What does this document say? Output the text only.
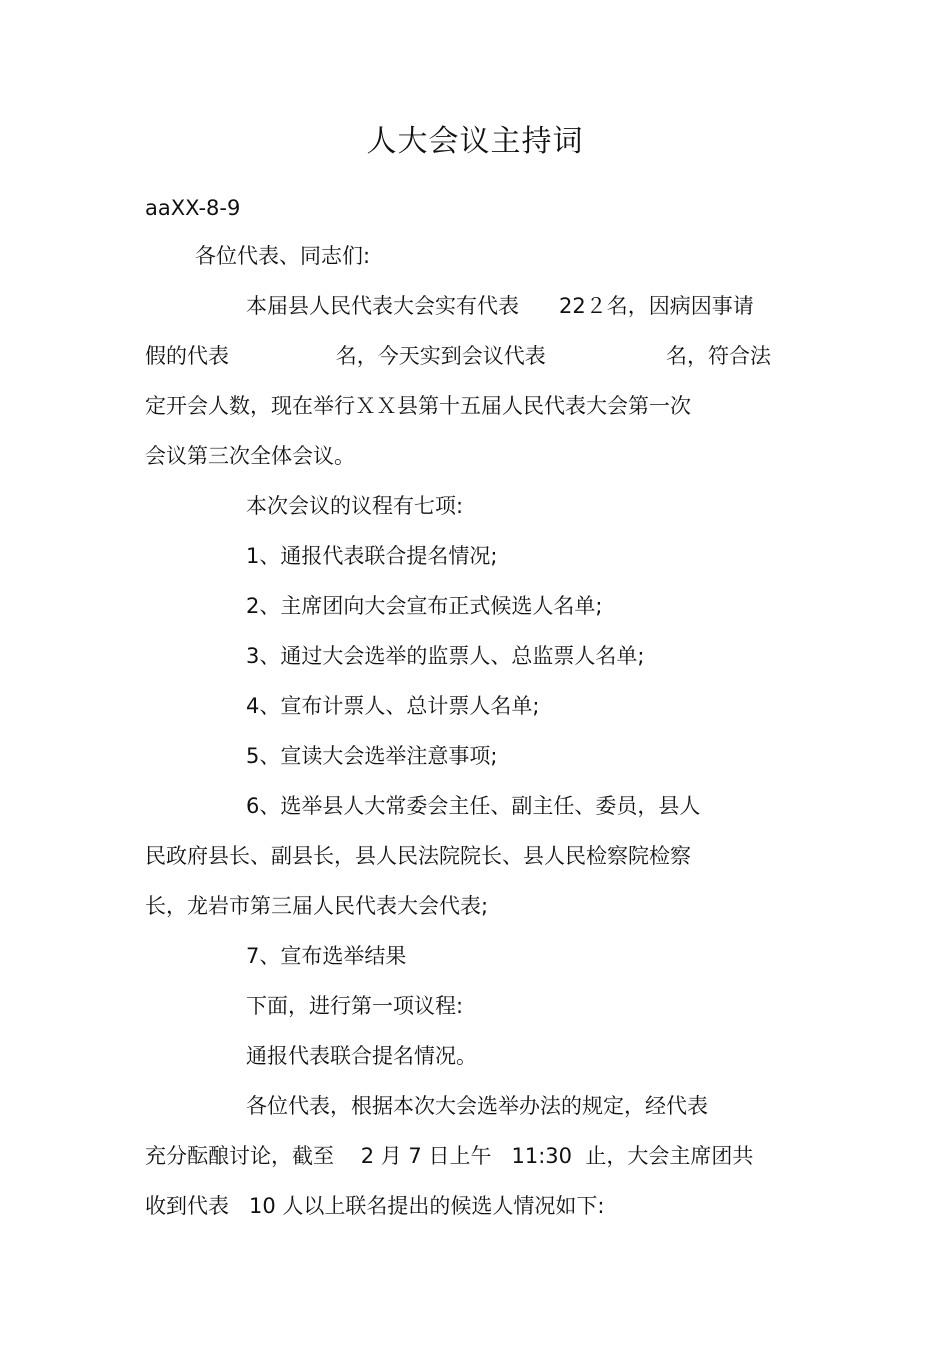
人大会议主持词
aaXX-8-9
各位代表、同志们:
本届县人民代表大会实有代表      22２名，因病因事请
假的代表                名，今天实到会议代表                  名，符合法
定开会人数，现在举行ＸＸ县第十五届人民代表大会第一次
会议第三次全体会议。
本次会议的议程有七项:
1、通报代表联合提名情况;
2、主席团向大会宣布正式候选人名单;
3、通过大会选举的监票人、总监票人名单;
4、宣布计票人、总计票人名单;
5、宣读大会选举注意事项;
6、选举县人大常委会主任、副主任、委员，县人
民政府县长、副县长，县人民法院院长、县人民检察院检察
长，龙岩市第三届人民代表大会代表;
7、宣布选举结果
下面，进行第一项议程:
通报代表联合提名情况。
各位代表，根据本次大会选举办法的规定，经代表
充分酝酿讨论，截至    2 月 7 日上午   11:30  止，大会主席团共
收到代表   10 人以上联名提出的候选人情况如下:
